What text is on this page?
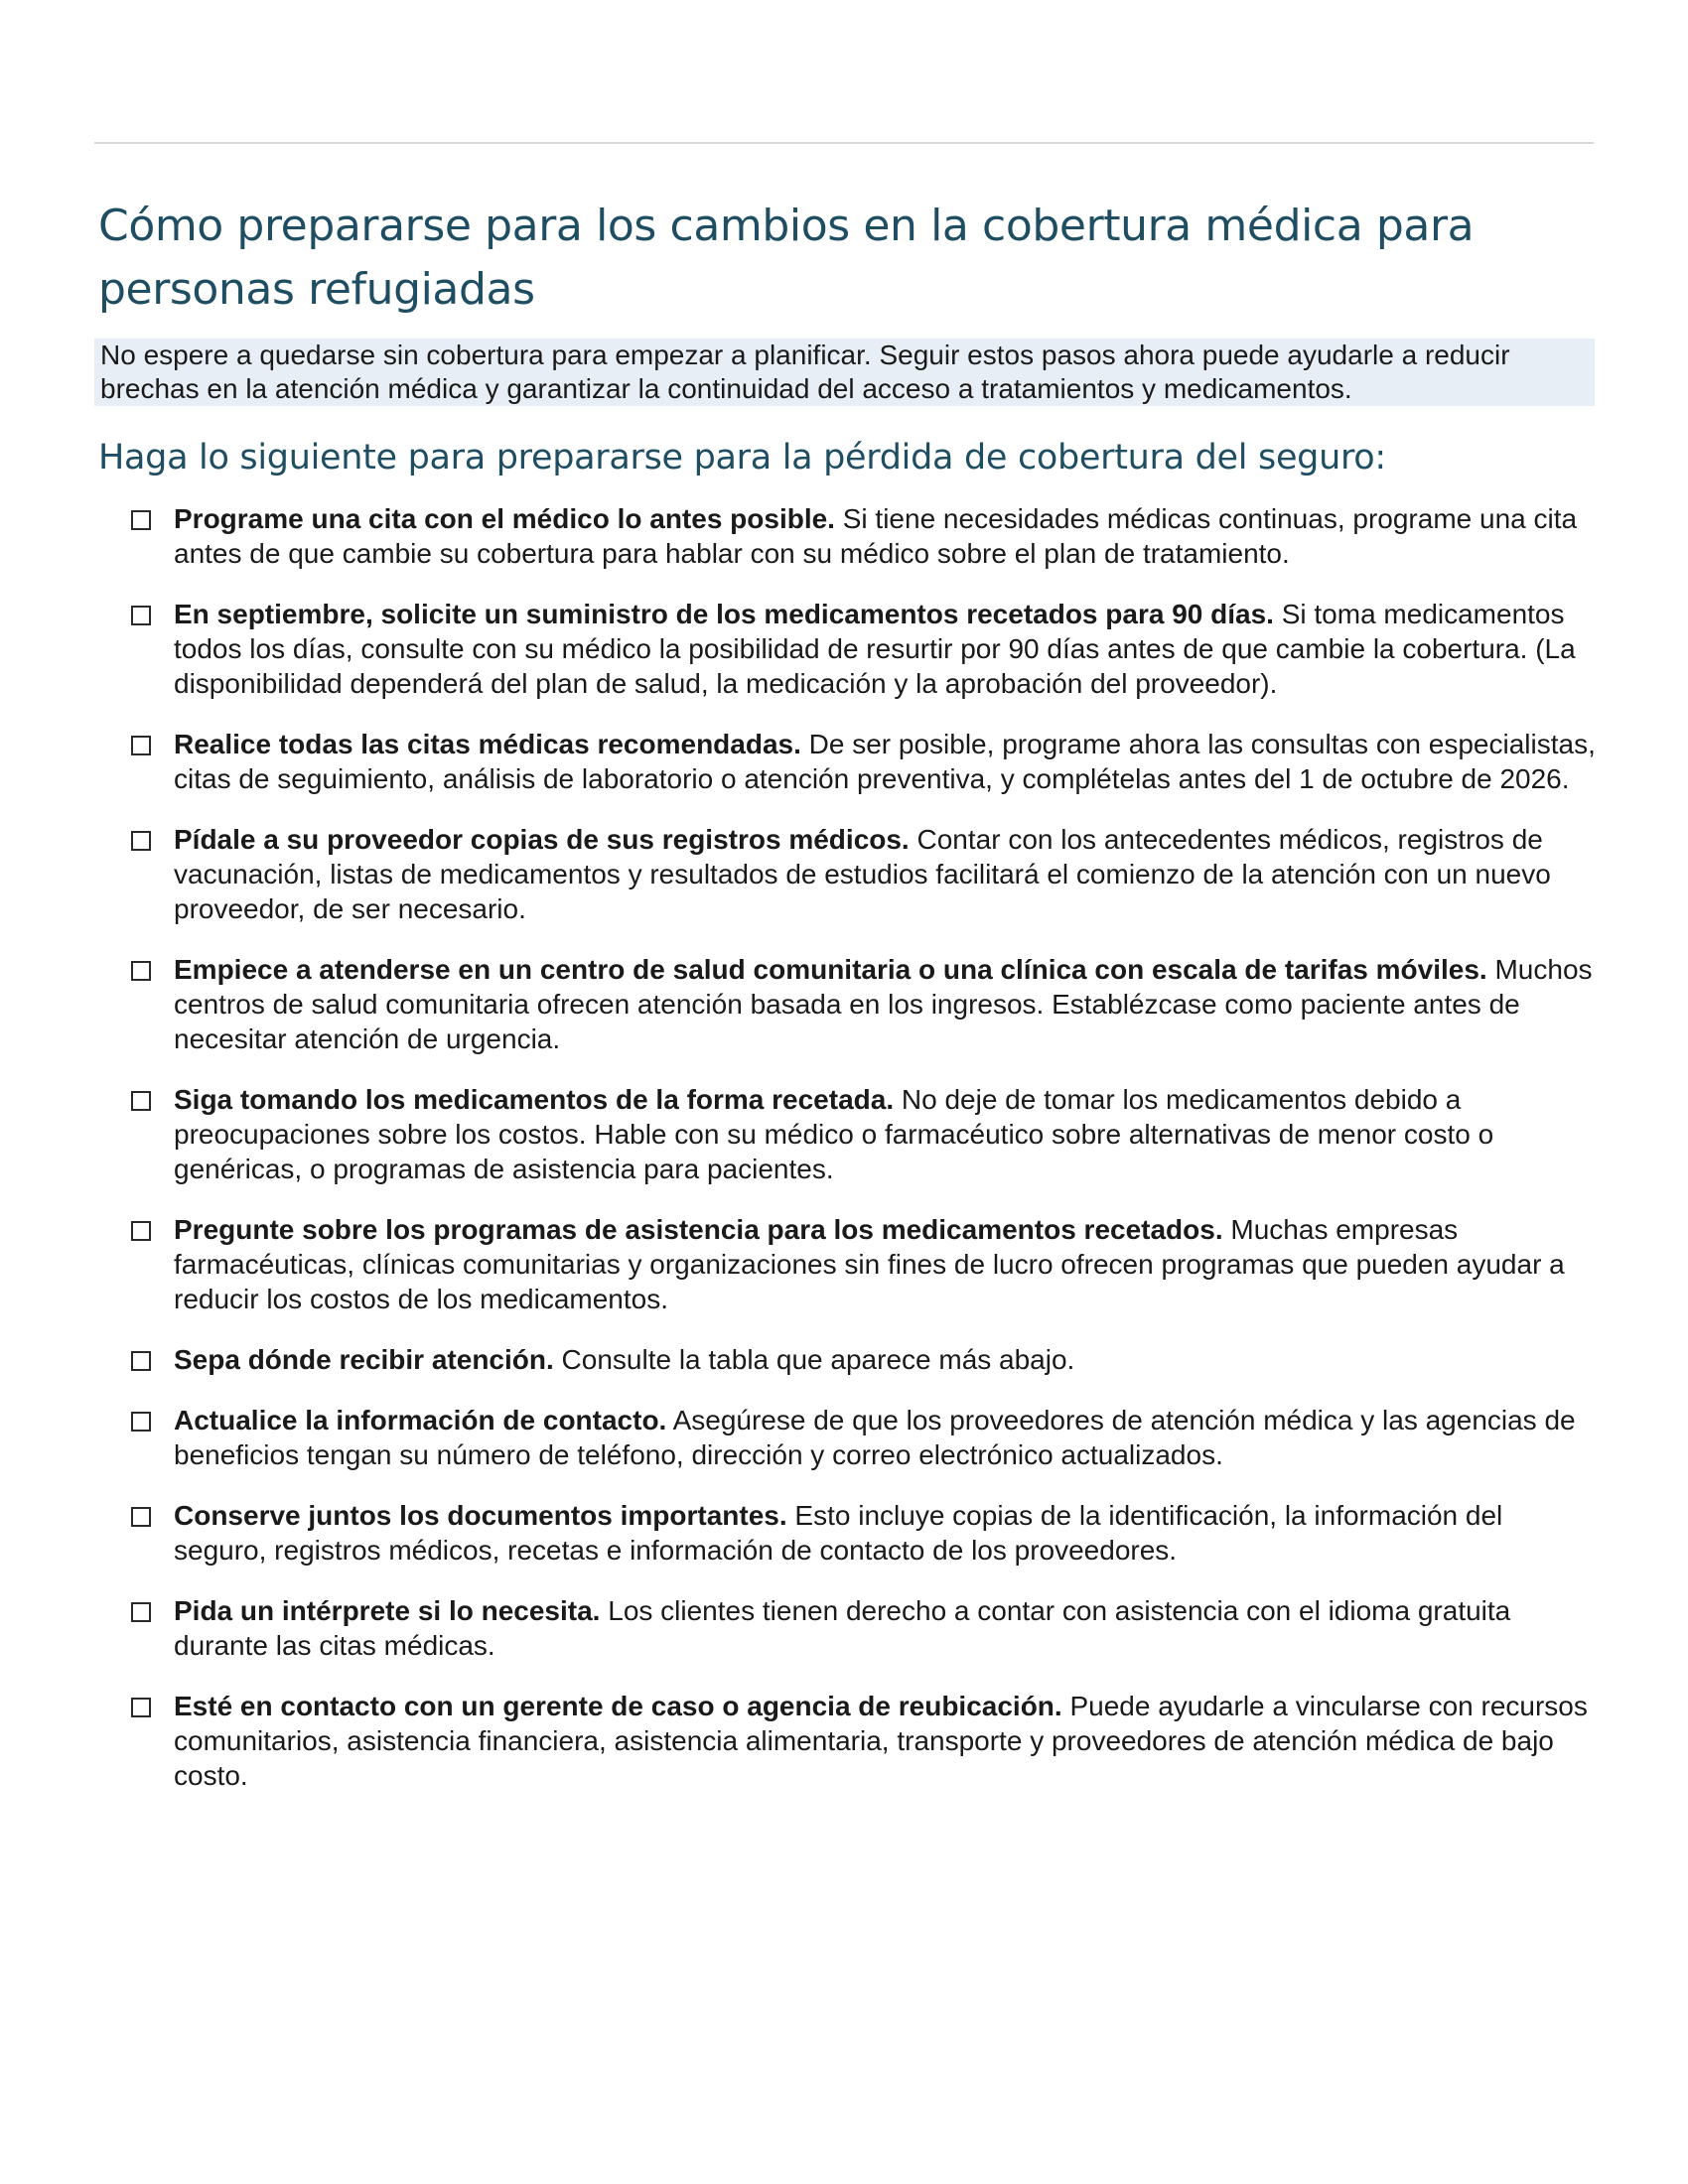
Cómo prepararse para los cambios en la cobertura médica para personas refugiadas

No espere a quedarse sin cobertura para empezar a planificar. Seguir estos pasos ahora puede ayudarle a reducir brechas en la atención médica y garantizar la continuidad del acceso a tratamientos y medicamentos.

Haga lo siguiente para prepararse para la pérdida de cobertura del seguro:
Programe una cita con el médico lo antes posible. Si tiene necesidades médicas continuas, programe una cita antes de que cambie su cobertura para hablar con su médico sobre el plan de tratamiento.
En septiembre, solicite un suministro de los medicamentos recetados para 90 días. Si toma medicamentos todos los días, consulte con su médico la posibilidad de resurtir por 90 días antes de que cambie la cobertura. (La disponibilidad dependerá del plan de salud, la medicación y la aprobación del proveedor).
Realice todas las citas médicas recomendadas. De ser posible, programe ahora las consultas con especialistas, citas de seguimiento, análisis de laboratorio o atención preventiva, y complételas antes del 1 de octubre de 2026.
Pídale a su proveedor copias de sus registros médicos. Contar con los antecedentes médicos, registros de vacunación, listas de medicamentos y resultados de estudios facilitará el comienzo de la atención con un nuevo proveedor, de ser necesario.
Empiece a atenderse en un centro de salud comunitaria o una clínica con escala de tarifas móviles. Muchos centros de salud comunitaria ofrecen atención basada en los ingresos. Establézcase como paciente antes de necesitar atención de urgencia.
Siga tomando los medicamentos de la forma recetada. No deje de tomar los medicamentos debido a preocupaciones sobre los costos. Hable con su médico o farmacéutico sobre alternativas de menor costo o genéricas, o programas de asistencia para pacientes.
Pregunte sobre los programas de asistencia para los medicamentos recetados. Muchas empresas farmacéuticas, clínicas comunitarias y organizaciones sin fines de lucro ofrecen programas que pueden ayudar a reducir los costos de los medicamentos.
Sepa dónde recibir atención. Consulte la tabla que aparece más abajo.
Actualice la información de contacto. Asegúrese de que los proveedores de atención médica y las agencias de beneficios tengan su número de teléfono, dirección y correo electrónico actualizados.
Conserve juntos los documentos importantes. Esto incluye copias de la identificación, la información del seguro, registros médicos, recetas e información de contacto de los proveedores.
Pida un intérprete si lo necesita. Los clientes tienen derecho a contar con asistencia con el idioma gratuita durante las citas médicas.
Esté en contacto con un gerente de caso o agencia de reubicación. Puede ayudarle a vincularse con recursos comunitarios, asistencia financiera, asistencia alimentaria, transporte y proveedores de atención médica de bajo costo.
